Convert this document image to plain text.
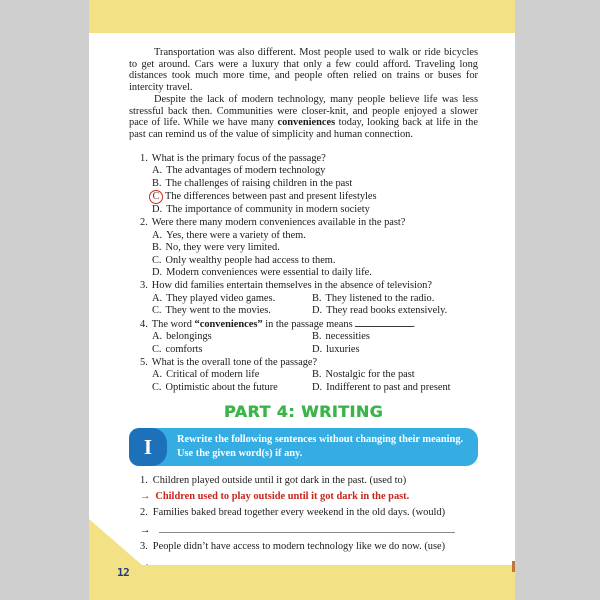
Transportation was also different. Most people used to walk or ride bicycles to get around. Cars were a luxury that only a few could afford. Traveling long distances took much more time, and people often relied on trains or buses for intercity travel.

Despite the lack of modern technology, many people believe life was less stressful back then. Communities were closer-knit, and people enjoyed a slower pace of life. While we have many conveniences today, looking back at life in the past can remind us of the value of simplicity and human connection.

1. What is the primary focus of the passage?
A. The advantages of modern technology
B. The challenges of raising children in the past
C The differences between past and present lifestyles
D. The importance of community in modern society
2. Were there many modern conveniences available in the past?
A. Yes, there were a variety of them.
B. No, they were very limited.
C. Only wealthy people had access to them.
D. Modern conveniences were essential to daily life.
3. How did families entertain themselves in the absence of television?
A. They played video games.	B. They listened to the radio.
C. They went to the movies.	D. They read books extensively.
4. The word “conveniences” in the passage means	.
A. belongings	B. necessities
C. comforts	D. luxuries
5. What is the overall tone of the passage?
A. Critical of modern life	B. Nostalgic for the past
C. Optimistic about the future	D. Indifferent to past and present
PART 4: WRITING
I	Rewrite the following sentences without changing their meaning.
Use the given word(s) if any.
1. Children played outside until it got dark in the past. (used to)
→ Children used to play outside until it got dark in the past.
2. Families baked bread together every weekend in the old days. (would)
→
3. People didn’t have access to modern technology like we do now. (use)
12
